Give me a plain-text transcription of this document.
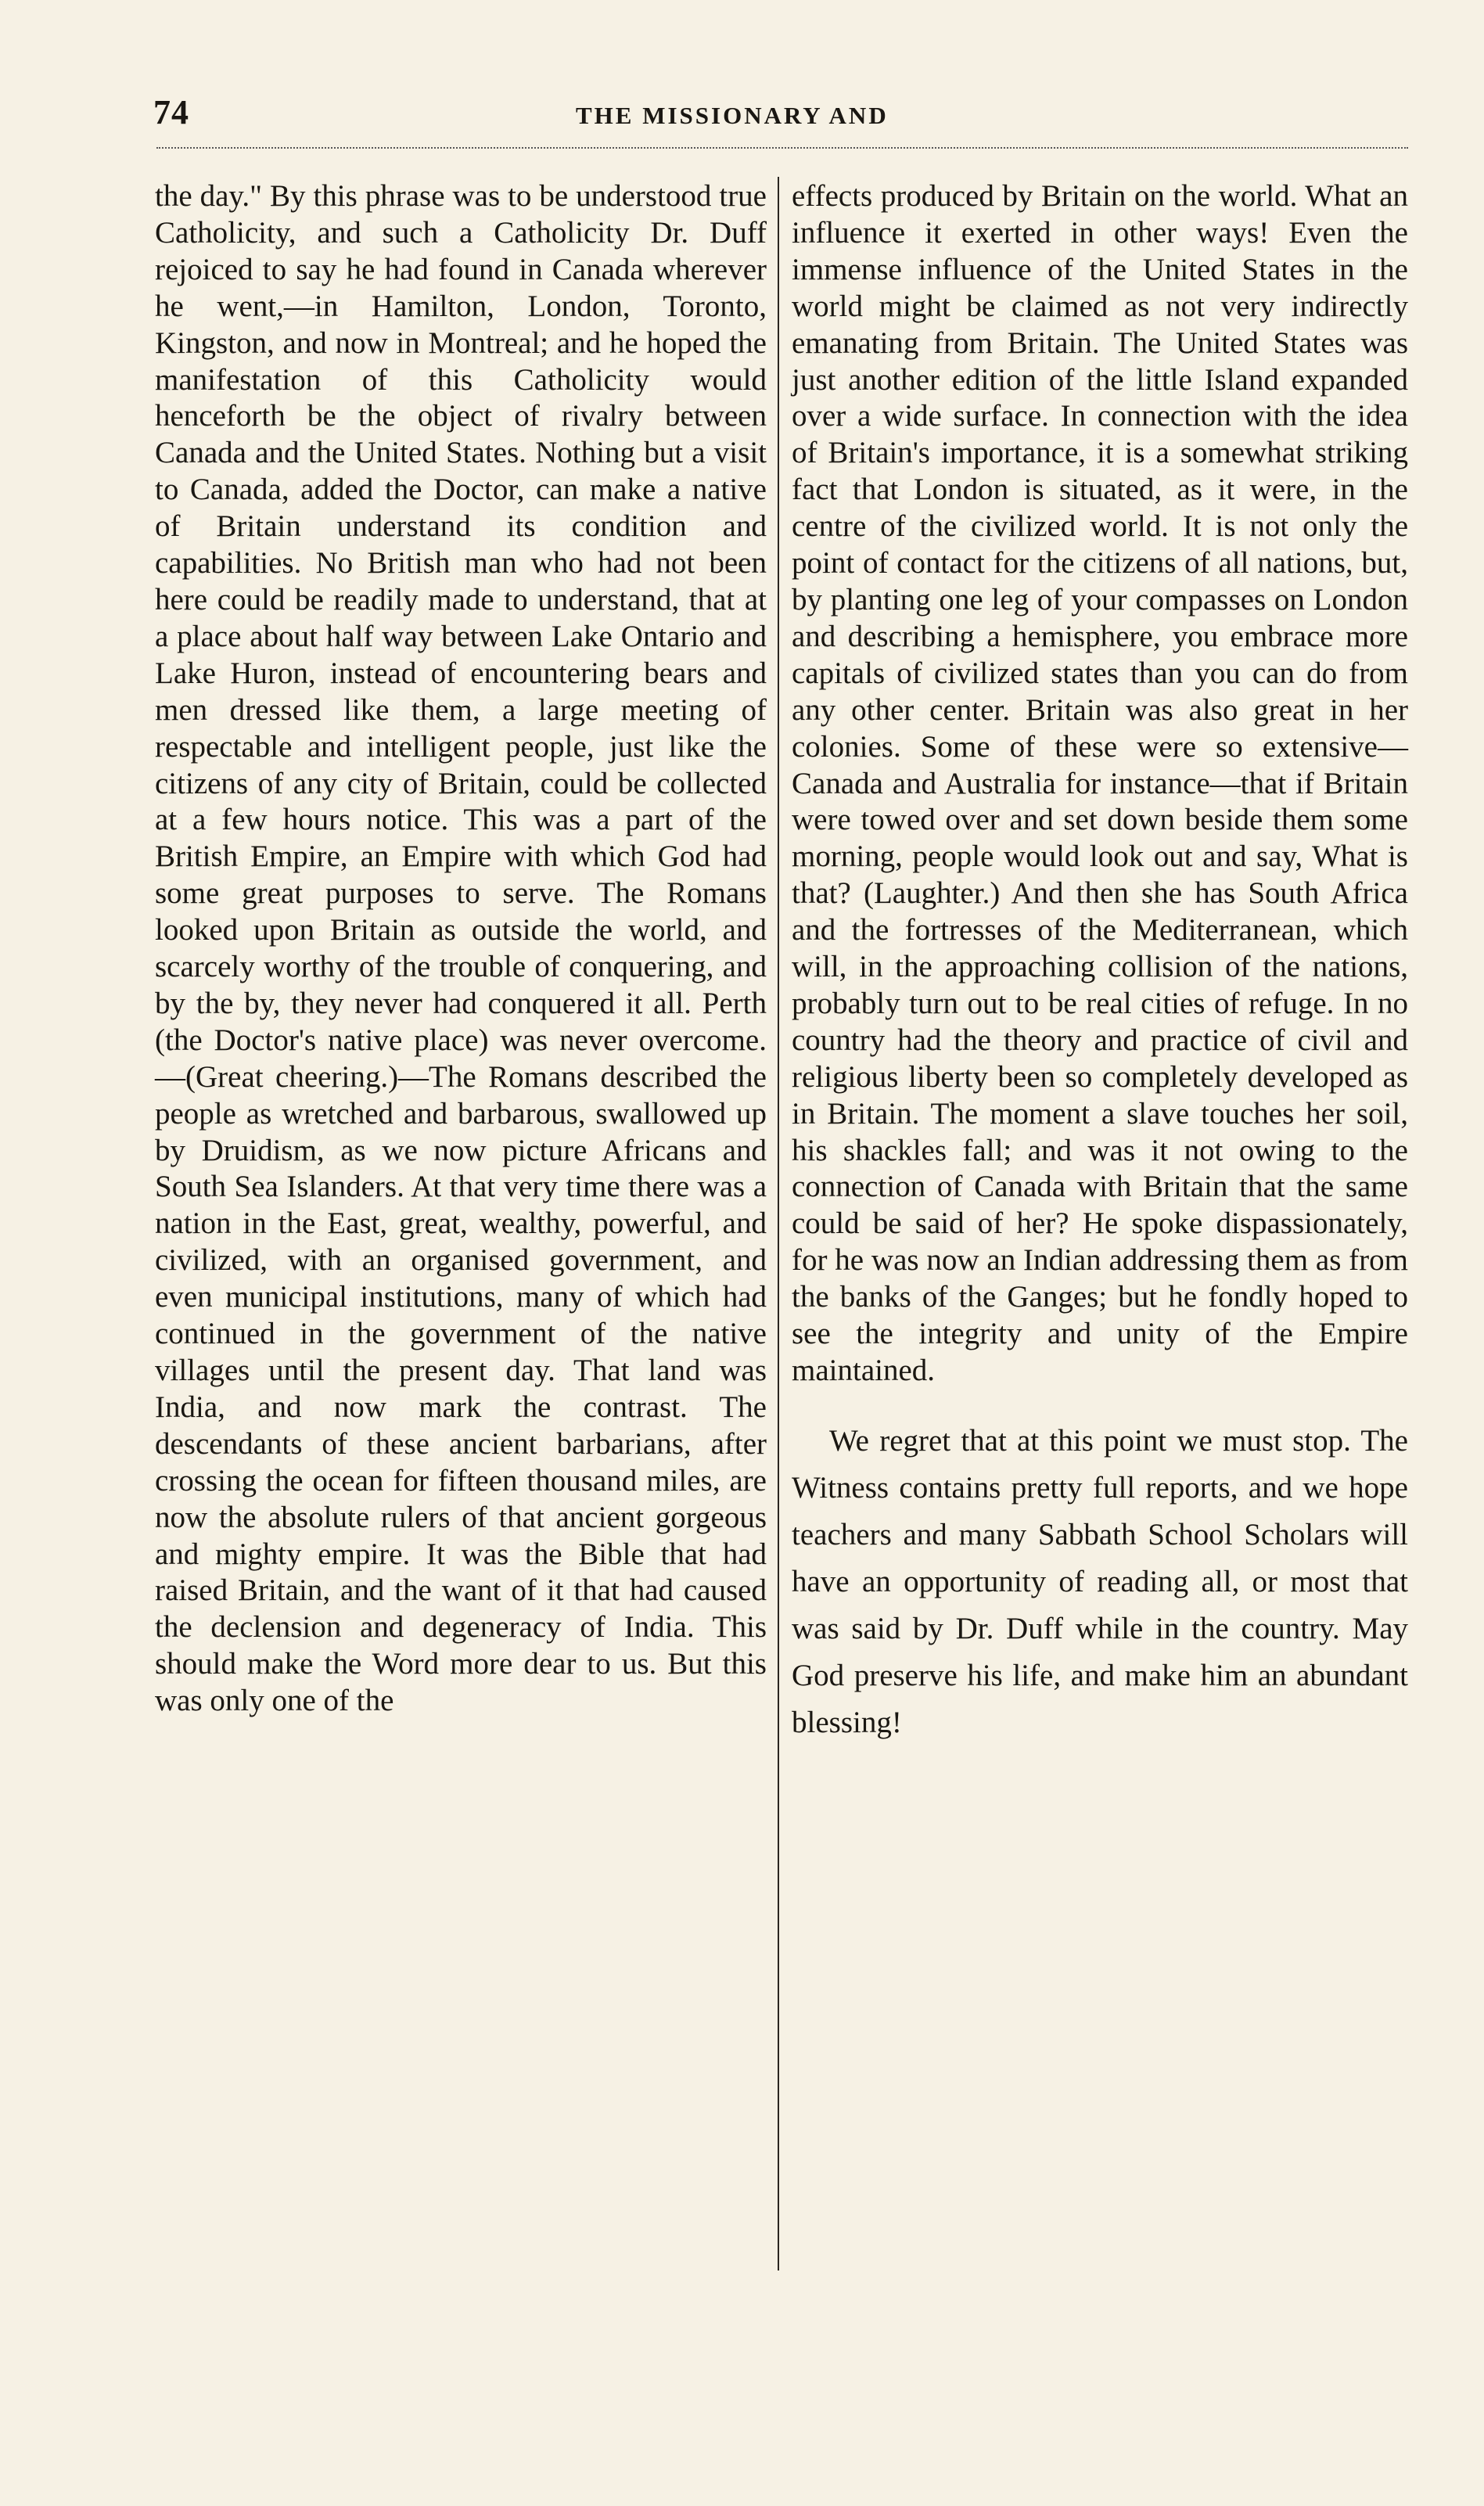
74	THE MISSIONARY AND

the day." By this phrase was to be understood true Catholicity, and such a Catholicity Dr. Duff rejoiced to say he had found in Canada wherever he went,—in Hamilton, London, Toronto, Kingston, and now in Montreal; and he hoped the manifestation of this Catholicity would henceforth be the object of rivalry between Canada and the United States. Nothing but a visit to Canada, added the Doctor, can make a native of Britain understand its condition and capabilities. No British man who had not been here could be readily made to understand, that at a place about half way between Lake Ontario and Lake Huron, instead of encountering bears and men dressed like them, a large meeting of respectable and intelligent people, just like the citizens of any city of Britain, could be collected at a few hours notice. This was a part of the British Empire, an Empire with which God had some great purposes to serve. The Romans looked upon Britain as outside the world, and scarcely worthy of the trouble of conquering, and by the by, they never had conquered it all. Perth (the Doctor's native place) was never overcome.—(Great cheering.)—The Romans described the people as wretched and barbarous, swallowed up by Druidism, as we now picture Africans and South Sea Islanders. At that very time there was a nation in the East, great, wealthy, powerful, and civilized, with an organised government, and even municipal institutions, many of which had continued in the government of the native villages until the present day. That land was India, and now mark the contrast. The descendants of these ancient barbarians, after crossing the ocean for fifteen thousand miles, are now the absolute rulers of that ancient gorgeous and mighty empire. It was the Bible that had raised Britain, and the want of it that had caused the declension and degeneracy of India. This should make the Word more dear to us. But this was only one of the

effects produced by Britain on the world. What an influence it exerted in other ways! Even the immense influence of the United States in the world might be claimed as not very indirectly emanating from Britain. The United States was just another edition of the little Island expanded over a wide surface. In connection with the idea of Britain's importance, it is a somewhat striking fact that London is situated, as it were, in the centre of the civilized world. It is not only the point of contact for the citizens of all nations, but, by planting one leg of your compasses on London and describing a hemisphere, you embrace more capitals of civilized states than you can do from any other center. Britain was also great in her colonies. Some of these were so extensive—Canada and Australia for instance—that if Britain were towed over and set down beside them some morning, people would look out and say, What is that? (Laughter.) And then she has South Africa and the fortresses of the Mediterranean, which will, in the approaching collision of the nations, probably turn out to be real cities of refuge. In no country had the theory and practice of civil and religious liberty been so completely developed as in Britain. The moment a slave touches her soil, his shackles fall; and was it not owing to the connection of Canada with Britain that the same could be said of her? He spoke dispassionately, for he was now an Indian addressing them as from the banks of the Ganges; but he fondly hoped to see the integrity and unity of the Empire maintained.

We regret that at this point we must stop. The Witness contains pretty full reports, and we hope teachers and many Sabbath School Scholars will have an opportunity of reading all, or most that was said by Dr. Duff while in the country. May God preserve his life, and make him an abundant blessing!
